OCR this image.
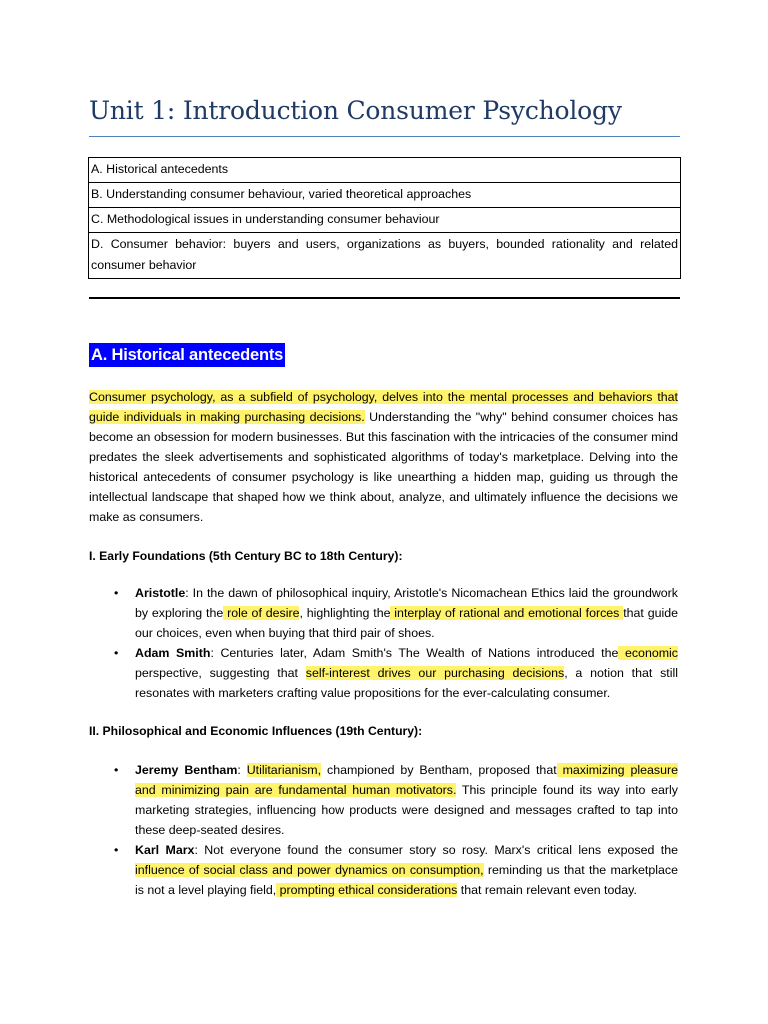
Unit 1: Introduction Consumer Psychology
A. Historical antecedents
B. Understanding consumer behaviour, varied theoretical approaches
C. Methodological issues in understanding consumer behaviour
D. Consumer behavior: buyers and users, organizations as buyers, bounded rationality and related consumer behavior
A. Historical antecedents

Consumer psychology, as a subfield of psychology, delves into the mental processes and behaviors that guide individuals in making purchasing decisions. Understanding the "why" behind consumer choices has become an obsession for modern businesses. But this fascination with the intricacies of the consumer mind predates the sleek advertisements and sophisticated algorithms of today's marketplace. Delving into the historical antecedents of consumer psychology is like unearthing a hidden map, guiding us through the intellectual landscape that shaped how we think about, analyze, and ultimately influence the decisions we make as consumers.

I. Early Foundations (5th Century BC to 18th Century):

• Aristotle: In the dawn of philosophical inquiry, Aristotle's Nicomachean Ethics laid the groundwork by exploring the role of desire, highlighting the interplay of rational and emotional forces that guide our choices, even when buying that third pair of shoes.
• Adam Smith: Centuries later, Adam Smith's The Wealth of Nations introduced the economic perspective, suggesting that self-interest drives our purchasing decisions, a notion that still resonates with marketers crafting value propositions for the ever-calculating consumer.

II. Philosophical and Economic Influences (19th Century):

• Jeremy Bentham: Utilitarianism, championed by Bentham, proposed that maximizing pleasure and minimizing pain are fundamental human motivators. This principle found its way into early marketing strategies, influencing how products were designed and messages crafted to tap into these deep-seated desires.
• Karl Marx: Not everyone found the consumer story so rosy. Marx's critical lens exposed the influence of social class and power dynamics on consumption, reminding us that the marketplace is not a level playing field, prompting ethical considerations that remain relevant even today.
